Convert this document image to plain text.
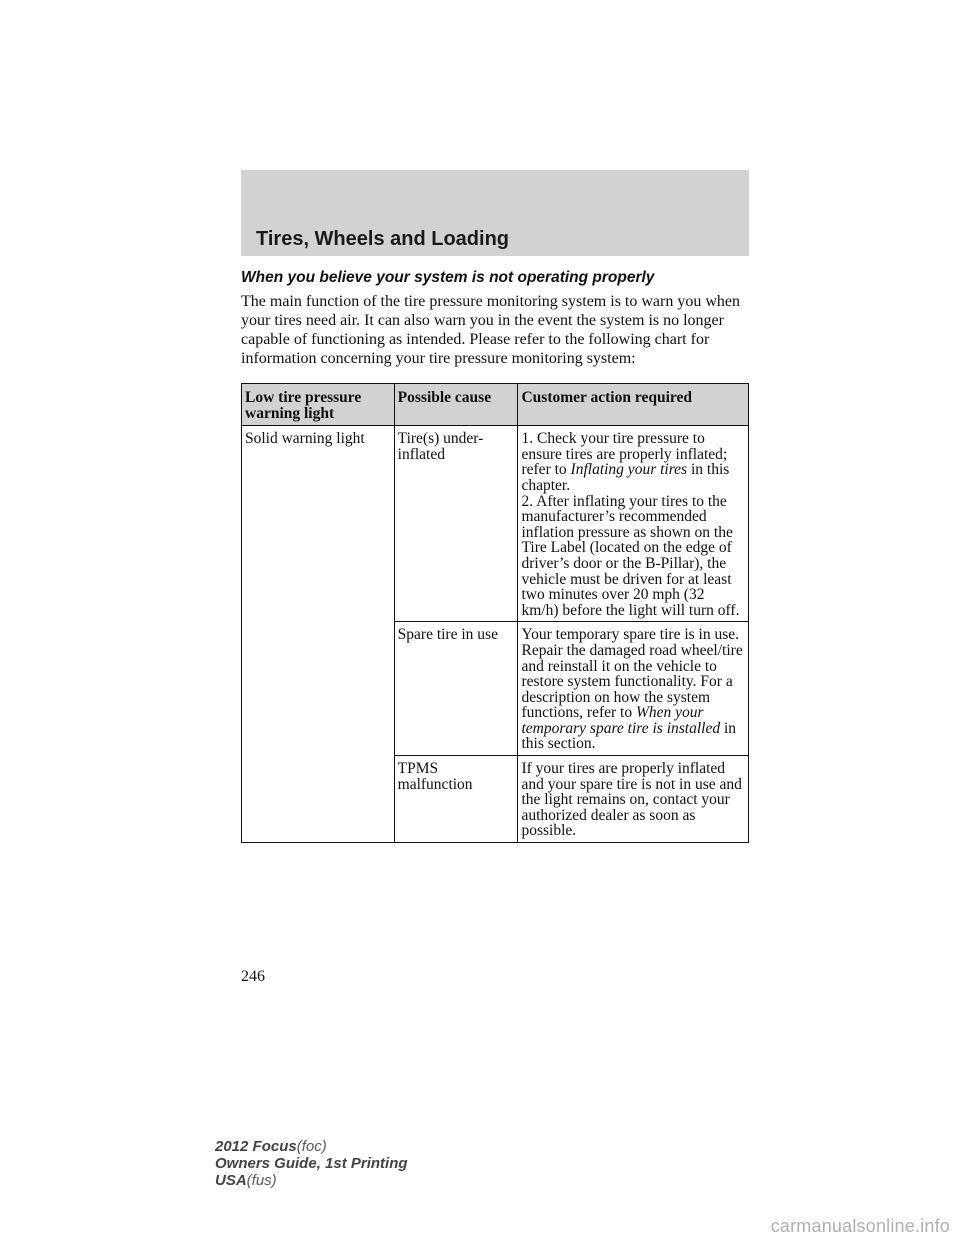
Tires, Wheels and Loading
When you believe your system is not operating properly

The main function of the tire pressure monitoring system is to warn you when your tires need air. It can also warn you in the event the system is no longer capable of functioning as intended. Please refer to the following chart for information concerning your tire pressure monitoring system:

Low tire pressure warning light	Possible cause	Customer action required
Solid warning light	Tire(s) under-inflated	1. Check your tire pressure to ensure tires are properly inflated; refer to Inflating your tires in this chapter.
2. After inflating your tires to the manufacturer’s recommended inflation pressure as shown on the Tire Label (located on the edge of driver’s door or the B-Pillar), the vehicle must be driven for at least two minutes over 20 mph (32 km/h) before the light will turn off.
	Spare tire in use	Your temporary spare tire is in use. Repair the damaged road wheel/tire and reinstall it on the vehicle to restore system functionality. For a description on how the system functions, refer to When your temporary spare tire is installed in this section.
	TPMS malfunction	If your tires are properly inflated and your spare tire is not in use and the light remains on, contact your authorized dealer as soon as possible.

246

2012 Focus(foc)
Owners Guide, 1st Printing
USA(fus)
carmanualsonline.info
